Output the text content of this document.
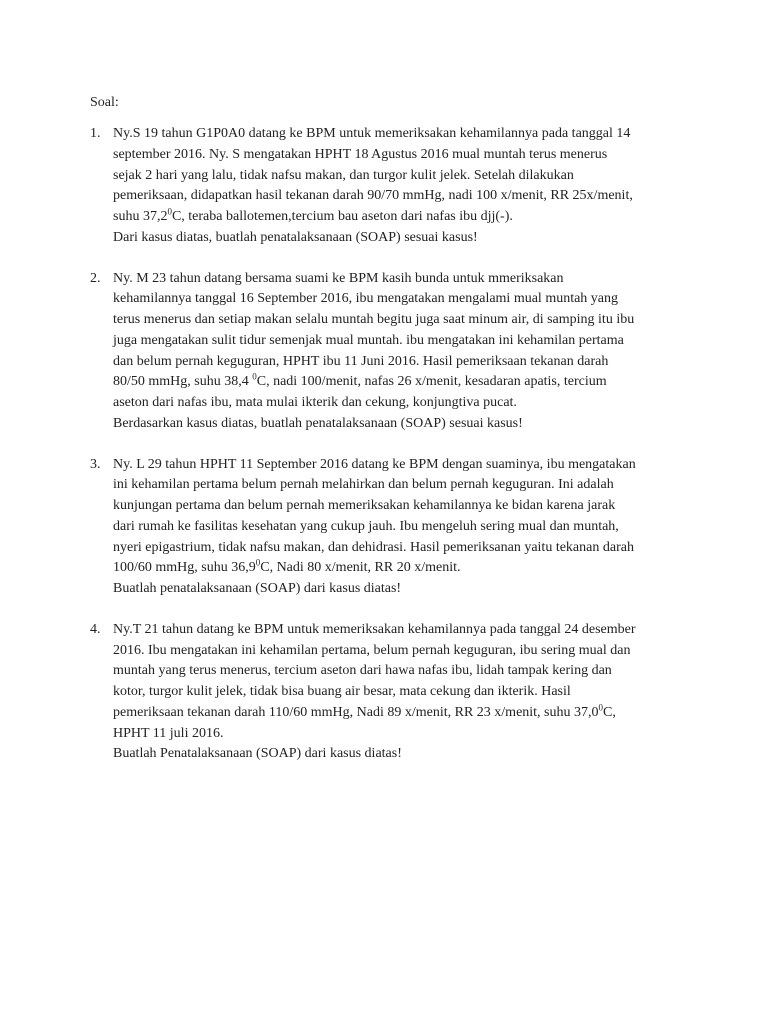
Soal:

1. Ny.S 19 tahun G1P0A0 datang ke BPM untuk memeriksakan kehamilannya pada tanggal 14
september 2016. Ny. S mengatakan HPHT 18 Agustus 2016 mual muntah terus menerus
sejak 2 hari yang lalu, tidak nafsu makan, dan turgor kulit jelek. Setelah dilakukan
pemeriksaan, didapatkan hasil tekanan darah 90/70 mmHg, nadi 100 x/menit, RR 25x/menit,
suhu 37,2$^0$C, teraba ballotemen,tercium bau aseton dari nafas ibu djj(-).
Dari kasus diatas, buatlah penatalaksanaan (SOAP) sesuai kasus!
2. Ny. M 23 tahun datang bersama suami ke BPM kasih bunda untuk mmeriksakan
kehamilannya tanggal 16 September 2016, ibu mengatakan mengalami mual muntah yang
terus menerus dan setiap makan selalu muntah begitu juga saat minum air, di samping itu ibu
juga mengatakan sulit tidur semenjak mual muntah. ibu mengatakan ini kehamilan pertama
dan belum pernah keguguran, HPHT ibu 11 Juni 2016. Hasil pemeriksaan tekanan darah
80/50 mmHg, suhu 38,4 $^0$C, nadi 100/menit, nafas 26 x/menit, kesadaran apatis, tercium
aseton dari nafas ibu, mata mulai ikterik dan cekung, konjungtiva pucat.
Berdasarkan kasus diatas, buatlah penatalaksanaan (SOAP) sesuai kasus!
3. Ny. L 29 tahun HPHT 11 September 2016 datang ke BPM dengan suaminya, ibu mengatakan
ini kehamilan pertama belum pernah melahirkan dan belum pernah keguguran. Ini adalah
kunjungan pertama dan belum pernah memeriksakan kehamilannya ke bidan karena jarak
dari rumah ke fasilitas kesehatan yang cukup jauh. Ibu mengeluh sering mual dan muntah,
nyeri epigastrium, tidak nafsu makan, dan dehidrasi. Hasil pemeriksanan yaitu tekanan darah
100/60 mmHg, suhu 36,9$^0$C, Nadi 80 x/menit, RR 20 x/menit.
Buatlah penatalaksanaan (SOAP) dari kasus diatas!
4. Ny.T 21 tahun datang ke BPM untuk memeriksakan kehamilannya pada tanggal 24 desember
2016. Ibu mengatakan ini kehamilan pertama, belum pernah keguguran, ibu sering mual dan
muntah yang terus menerus, tercium aseton dari hawa nafas ibu, lidah tampak kering dan
kotor, turgor kulit jelek, tidak bisa buang air besar, mata cekung dan ikterik. Hasil
pemeriksaan tekanan darah 110/60 mmHg, Nadi 89 x/menit, RR 23 x/menit, suhu 37,0$^0$C,
HPHT 11 juli 2016.
Buatlah Penatalaksanaan (SOAP) dari kasus diatas!
